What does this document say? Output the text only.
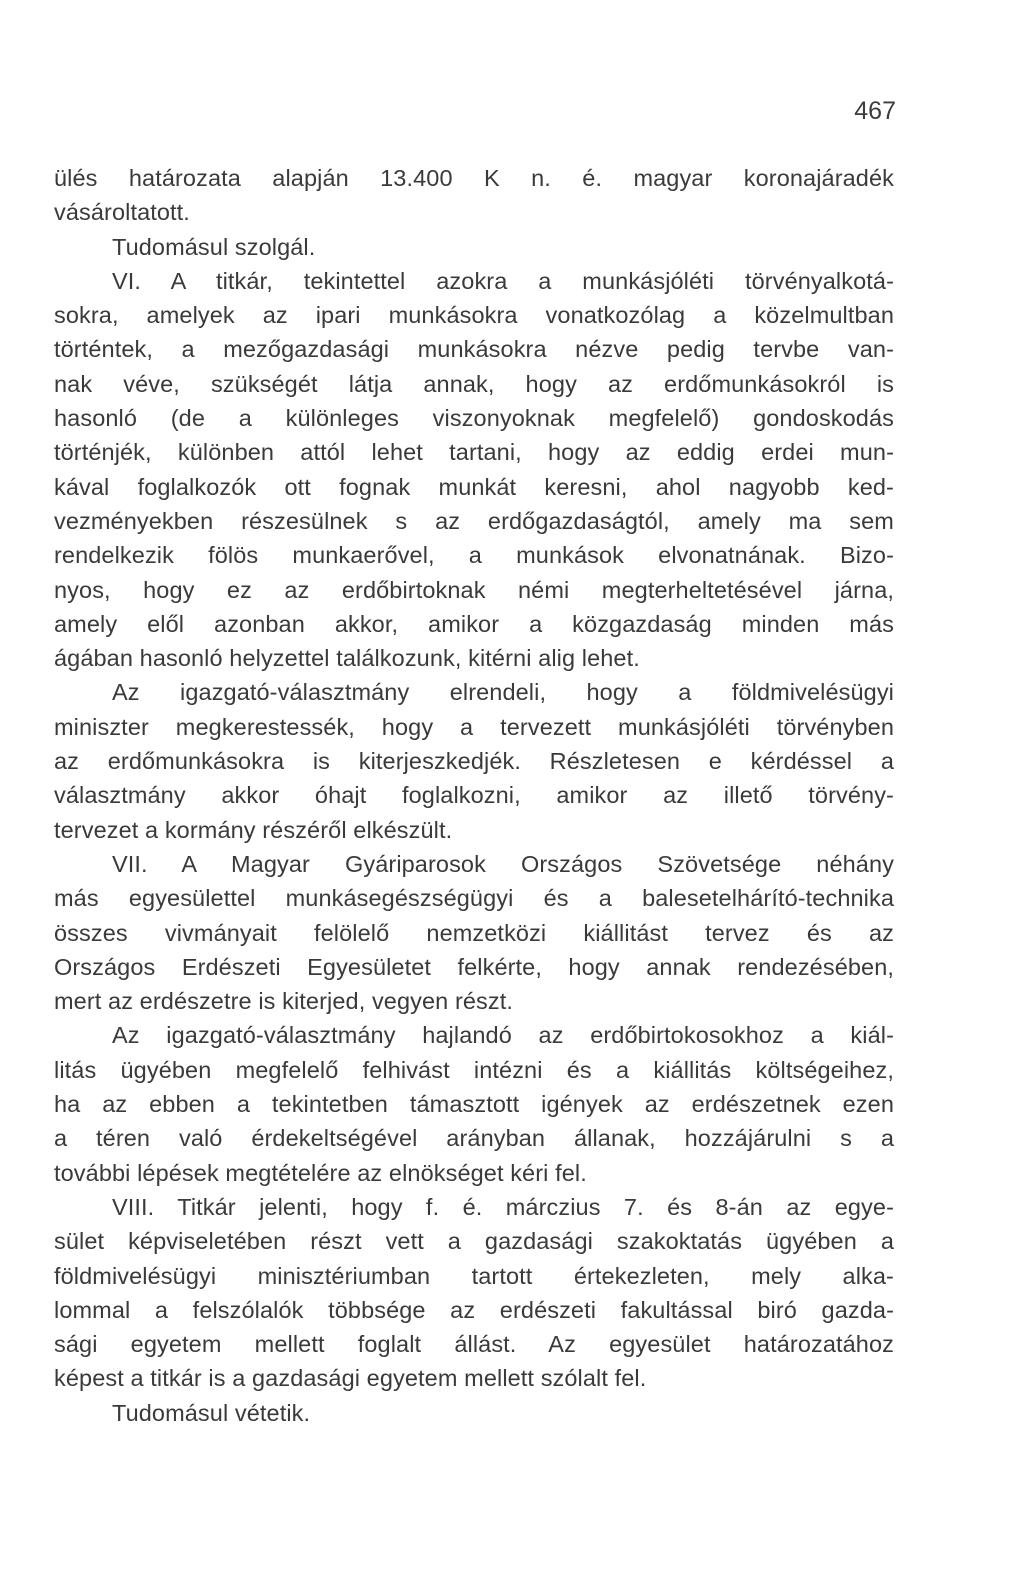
467
ülés határozata alapján 13.400 K n. é. magyar koronajáradék
vásároltatott.
Tudomásul szolgál.
VI. A titkár, tekintettel azokra a munkásjóléti törvényalkotá-
sokra, amelyek az ipari munkásokra vonatkozólag a közelmultban
történtek, a mezőgazdasági munkásokra nézve pedig tervbe van-
nak véve, szükségét látja annak, hogy az erdőmunkásokról is
hasonló (de a különleges viszonyoknak megfelelő) gondoskodás
történjék, különben attól lehet tartani, hogy az eddig erdei mun-
kával foglalkozók ott fognak munkát keresni, ahol nagyobb ked-
vezményekben részesülnek s az erdőgazdaságtól, amely ma sem
rendelkezik fölös munkaerővel, a munkások elvonatnának. Bizo-
nyos, hogy ez az erdőbirtoknak némi megterheltetésével járna,
amely elől azonban akkor, amikor a közgazdaság minden más
ágában hasonló helyzettel találkozunk, kitérni alig lehet.
Az igazgató-választmány elrendeli, hogy a földmivelésügyi
miniszter megkerestessék, hogy a tervezett munkásjóléti törvényben
az erdőmunkásokra is kiterjeszkedjék. Részletesen e kérdéssel a
választmány akkor óhajt foglalkozni, amikor az illető törvény-
tervezet a kormány részéről elkészült.
VII. A Magyar Gyáriparosok Országos Szövetsége néhány
más egyesülettel munkásegészségügyi és a balesetelhárító-technika
összes vivmányait felölelő nemzetközi kiállitást tervez és az
Országos Erdészeti Egyesületet felkérte, hogy annak rendezésében,
mert az erdészetre is kiterjed, vegyen részt.
Az igazgató-választmány hajlandó az erdőbirtokosokhoz a kiál-
litás ügyében megfelelő felhivást intézni és a kiállitás költségeihez,
ha az ebben a tekintetben támasztott igények az erdészetnek ezen
a téren való érdekeltségével arányban állanak, hozzájárulni s a
további lépések megtételére az elnökséget kéri fel.
VIII. Titkár jelenti, hogy f. é. márczius 7. és 8-án az egye-
sület képviseletében részt vett a gazdasági szakoktatás ügyében a
földmivelésügyi minisztériumban tartott értekezleten, mely alka-
lommal a felszólalók többsége az erdészeti fakultással biró gazda-
sági egyetem mellett foglalt állást. Az egyesület határozatához
képest a titkár is a gazdasági egyetem mellett szólalt fel.
Tudomásul vétetik.
